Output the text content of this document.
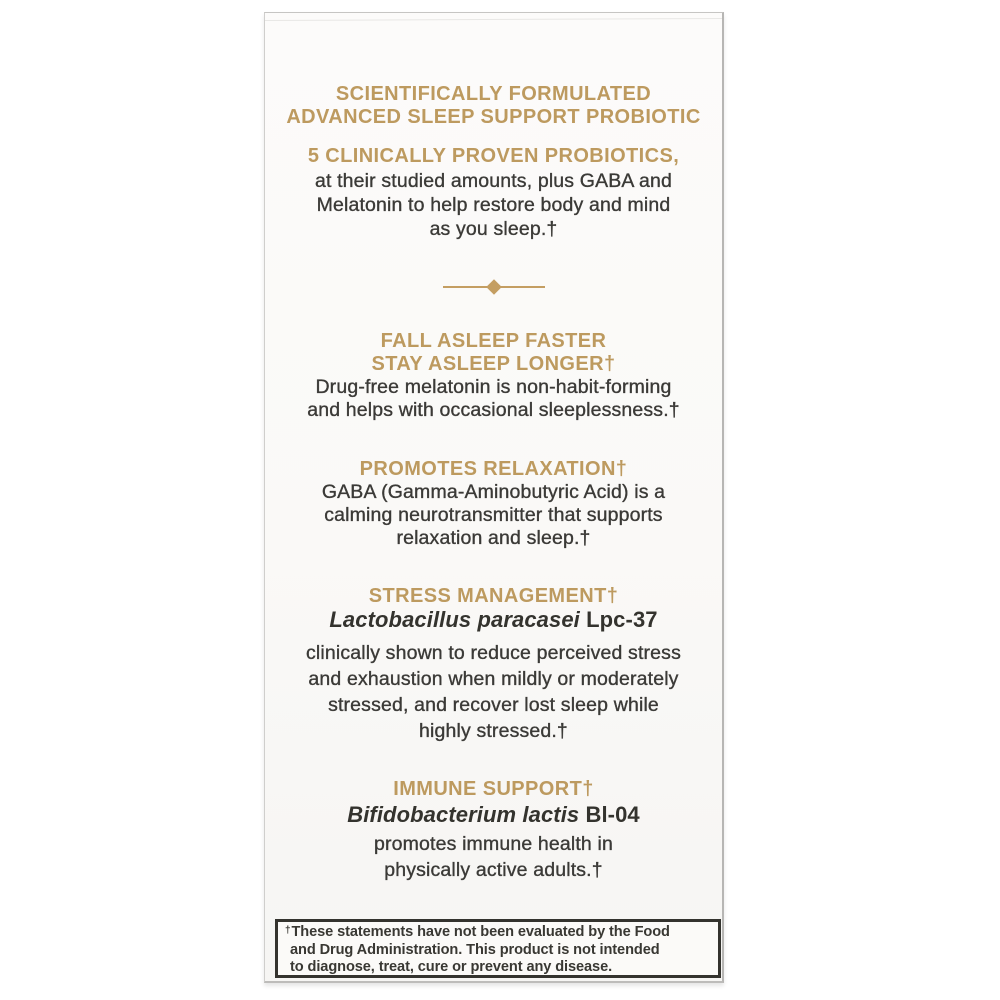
SCIENTIFICALLY FORMULATED
ADVANCED SLEEP SUPPORT PROBIOTIC
5 CLINICALLY PROVEN PROBIOTICS,
at their studied amounts, plus GABA and
Melatonin to help restore body and mind
as you sleep.†
FALL ASLEEP FASTER
STAY ASLEEP LONGER†
Drug-free melatonin is non-habit-forming
and helps with occasional sleeplessness.†
PROMOTES RELAXATION†
GABA (Gamma-Aminobutyric Acid) is a
calming neurotransmitter that supports
relaxation and sleep.†
STRESS MANAGEMENT†
Lactobacillus paracasei Lpc-37
clinically shown to reduce perceived stress
and exhaustion when mildly or moderately
stressed, and recover lost sleep while
highly stressed.†
IMMUNE SUPPORT†
Bifidobacterium lactis Bl-04
promotes immune health in
physically active adults.†
†These statements have not been evaluated by the Food
and Drug Administration. This product is not intended
to diagnose, treat, cure or prevent any disease.
